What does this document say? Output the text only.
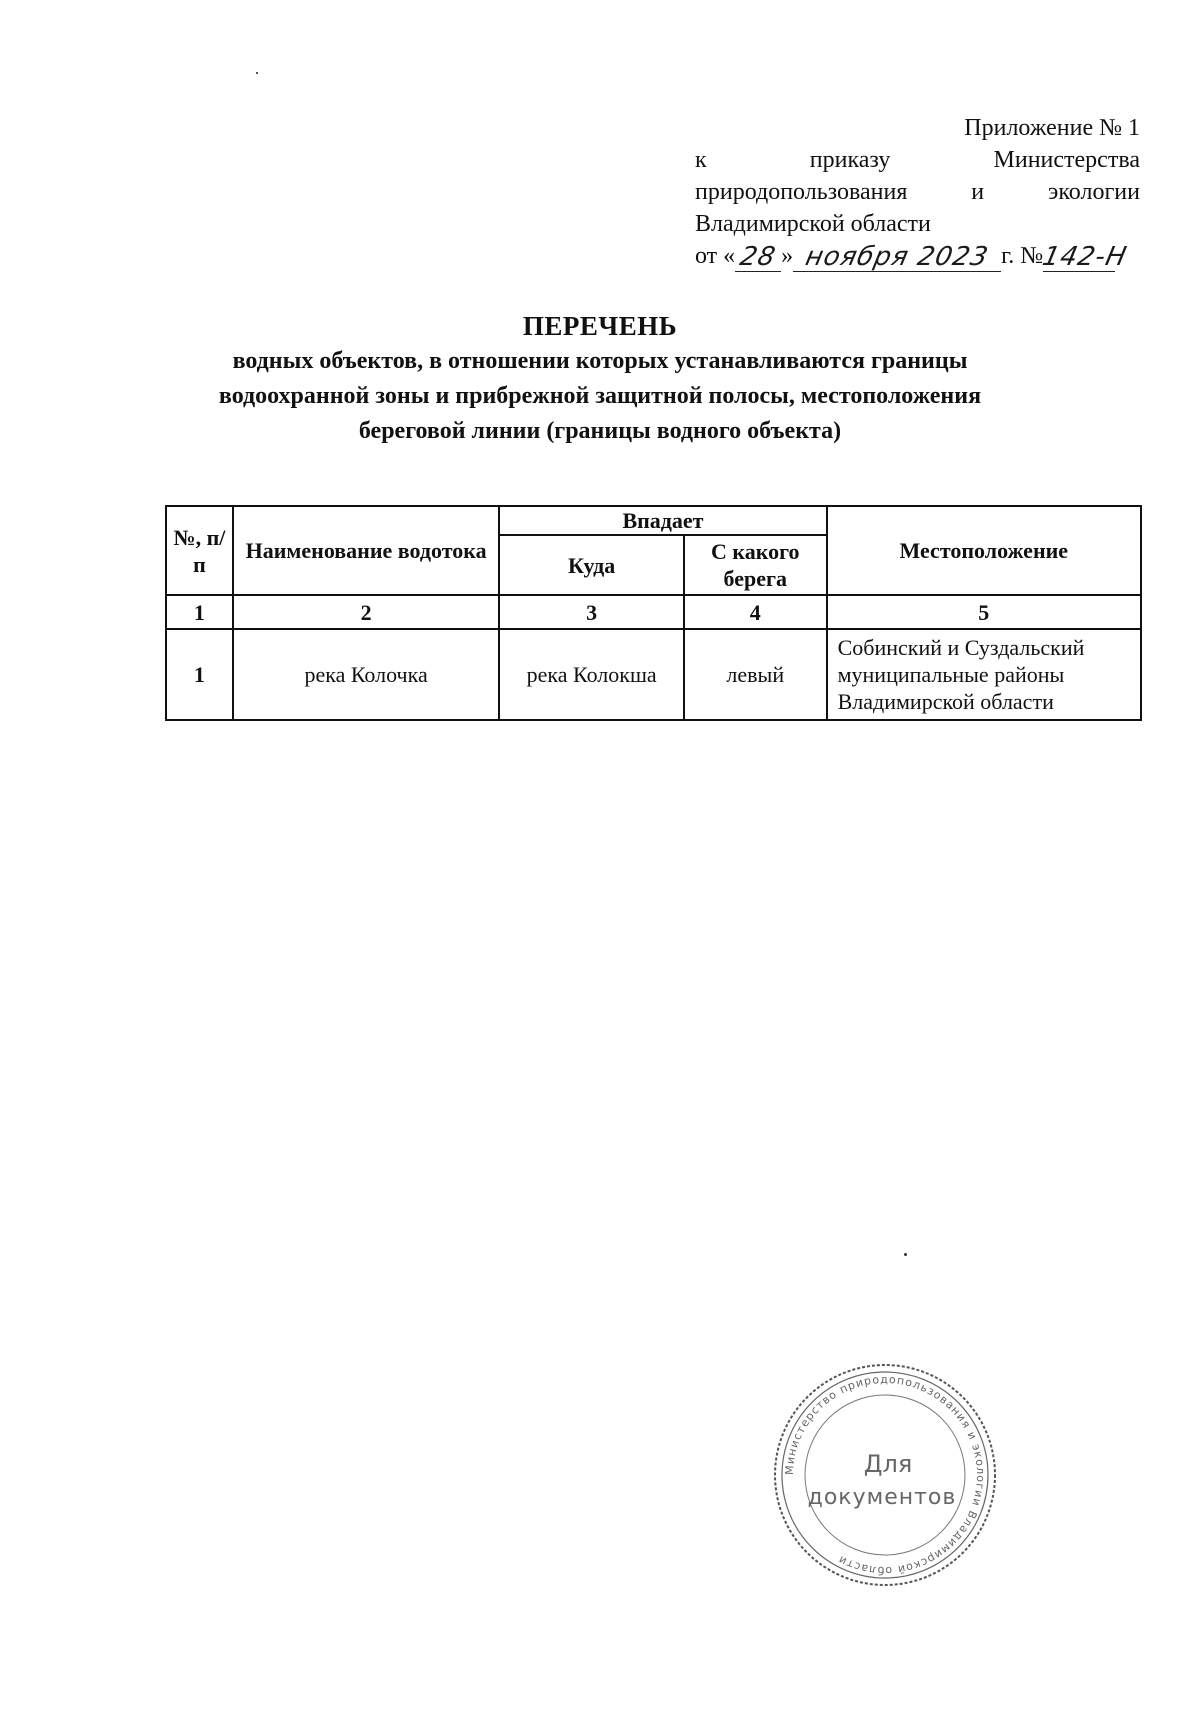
Приложение № 1
к	приказу	Министерства
природопользования	и	экологии
Владимирской области
от « 28 » ноября 2023 г. №
142-Н
ПЕРЕЧЕНЬ
водных объектов, в отношении которых устанавливаются границы
водоохранной зоны и прибрежной защитной полосы, местоположения
береговой линии (границы водного объекта)
№, п/п	Наименование водотока	Впадает		Местоположение
		Куда	С какого берега	
1	2	3	4	5
1	река Колочка	река Колокша	левый	Собинский и Суздальский муниципальные районы Владимирской области
Министерство природопользования и экологии Владимирской области
Для
документов
